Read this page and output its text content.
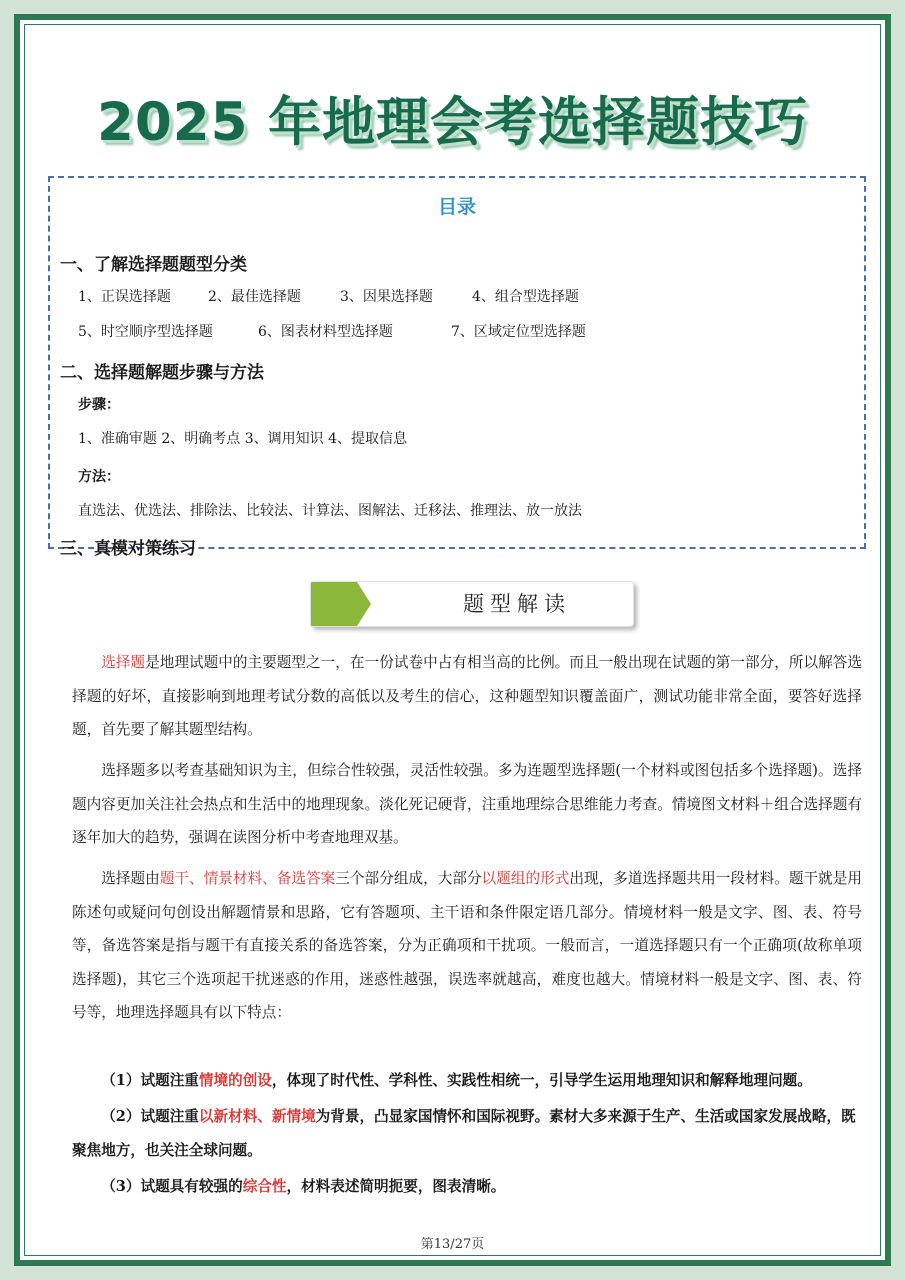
2025 年地理会考选择题技巧
目录
一、了解选择题题型分类
1、正误选择题	2、最佳选择题	3、因果选择题	4、组合型选择题
5、时空顺序型选择题	6、图表材料型选择题	7、区域定位型选择题
二、选择题解题步骤与方法
步骤：
1、准确审题 2、明确考点 3、调用知识 4、提取信息
方法：
直选法、优选法、排除法、比较法、计算法、图解法、迁移法、推理法、放一放法
三、真模对策练习
题型解读
选择题是地理试题中的主要题型之一，在一份试卷中占有相当高的比例。而且一般出现在试题的第一部分，所以解答选择题的好坏，直接影响到地理考试分数的高低以及考生的信心，这种题型知识覆盖面广，测试功能非常全面，要答好选择题，首先要了解其题型结构。
选择题多以考查基础知识为主，但综合性较强，灵活性较强。多为连题型选择题(一个材料或图包括多个选择题)。选择题内容更加关注社会热点和生活中的地理现象。淡化死记硬背，注重地理综合思维能力考查。情境图文材料＋组合选择题有逐年加大的趋势，强调在读图分析中考查地理双基。
选择题由题干、情景材料、备选答案三个部分组成，大部分以题组的形式出现，多道选择题共用一段材料。题干就是用陈述句或疑问句创设出解题情景和思路，它有答题项、主干语和条件限定语几部分。情境材料一般是文字、图、表、符号等，备选答案是指与题干有直接关系的备选答案，分为正确项和干扰项。一般而言，一道选择题只有一个正确项(故称单项选择题)，其它三个选项起干扰迷惑的作用，迷惑性越强，误选率就越高，难度也越大。情境材料一般是文字、图、表、符号等，地理选择题具有以下特点：
（1）试题注重情境的创设，体现了时代性、学科性、实践性相统一，引导学生运用地理知识和解释地理问题。
（2）试题注重以新材料、新情境为背景，凸显家国情怀和国际视野。素材大多来源于生产、生活或国家发展战略，既聚焦地方，也关注全球问题。
（3）试题具有较强的综合性，材料表述简明扼要，图表清晰。
第13/27页
